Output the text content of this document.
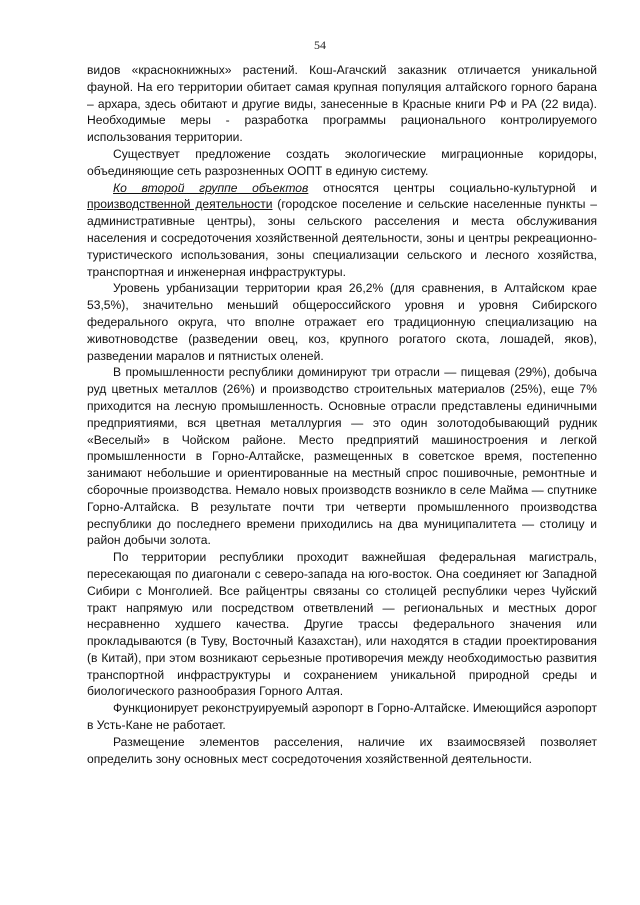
54

видов «краснокнижных» растений. Кош-Агачский заказник отличается уникальной фауной. На его территории обитает самая крупная популяция алтайского горного барана – архара, здесь обитают и другие виды, занесенные в Красные книги РФ и РА (22 вида). Необходимые меры - разработка программы рационального контролируемого использования территории.

Существует предложение создать экологические миграционные коридоры, объединяющие сеть разрозненных ООПТ в единую систему.

Ко второй группе объектов относятся центры социально-культурной и производственной деятельности (городское поселение и сельские населенные пункты – административные центры), зоны сельского расселения и места обслуживания населения и сосредоточения хозяйственной деятельности, зоны и центры рекреационно-туристического использования, зоны специализации сельского и лесного хозяйства, транспортная и инженерная инфраструктуры.

Уровень урбанизации территории края 26,2% (для сравнения, в Алтайском крае 53,5%), значительно меньший общероссийского уровня и уровня Сибирского федерального округа, что вполне отражает его традиционную специализацию на животноводстве (разведении овец, коз, крупного рогатого скота, лошадей, яков), разведении маралов и пятнистых оленей.

В промышленности республики доминируют три отрасли — пищевая (29%), добыча руд цветных металлов (26%) и производство строительных материалов (25%), еще 7% приходится на лесную промышленность. Основные отрасли представлены единичными предприятиями, вся цветная металлургия — это один золотодобывающий рудник «Веселый» в Чойском районе. Место предприятий машиностроения и легкой промышленности в Горно-Алтайске, размещенных в советское время, постепенно занимают небольшие и ориентированные на местный спрос пошивочные, ремонтные и сборочные производства. Немало новых производств возникло в селе Майма — спутнике Горно-Алтайска. В результате почти три четверти промышленного производства республики до последнего времени приходились на два муниципалитета — столицу и район добычи золота.

По территории республики проходит важнейшая федеральная магистраль, пересекающая по диагонали с северо-запада на юго-восток. Она соединяет юг Западной Сибири с Монголией. Все райцентры связаны со столицей республики через Чуйский тракт напрямую или посредством ответвлений — региональных и местных дорог несравненно худшего качества. Другие трассы федерального значения или прокладываются (в Туву, Восточный Казахстан), или находятся в стадии проектирования (в Китай), при этом возникают серьезные противоречия между необходимостью развития транспортной инфраструктуры и сохранением уникальной природной среды и биологического разнообразия Горного Алтая.

Функционирует реконструируемый аэропорт в Горно-Алтайске. Имеющийся аэропорт в Усть-Кане не работает.

Размещение элементов расселения, наличие их взаимосвязей позволяет определить зону основных мест сосредоточения хозяйственной деятельности.
